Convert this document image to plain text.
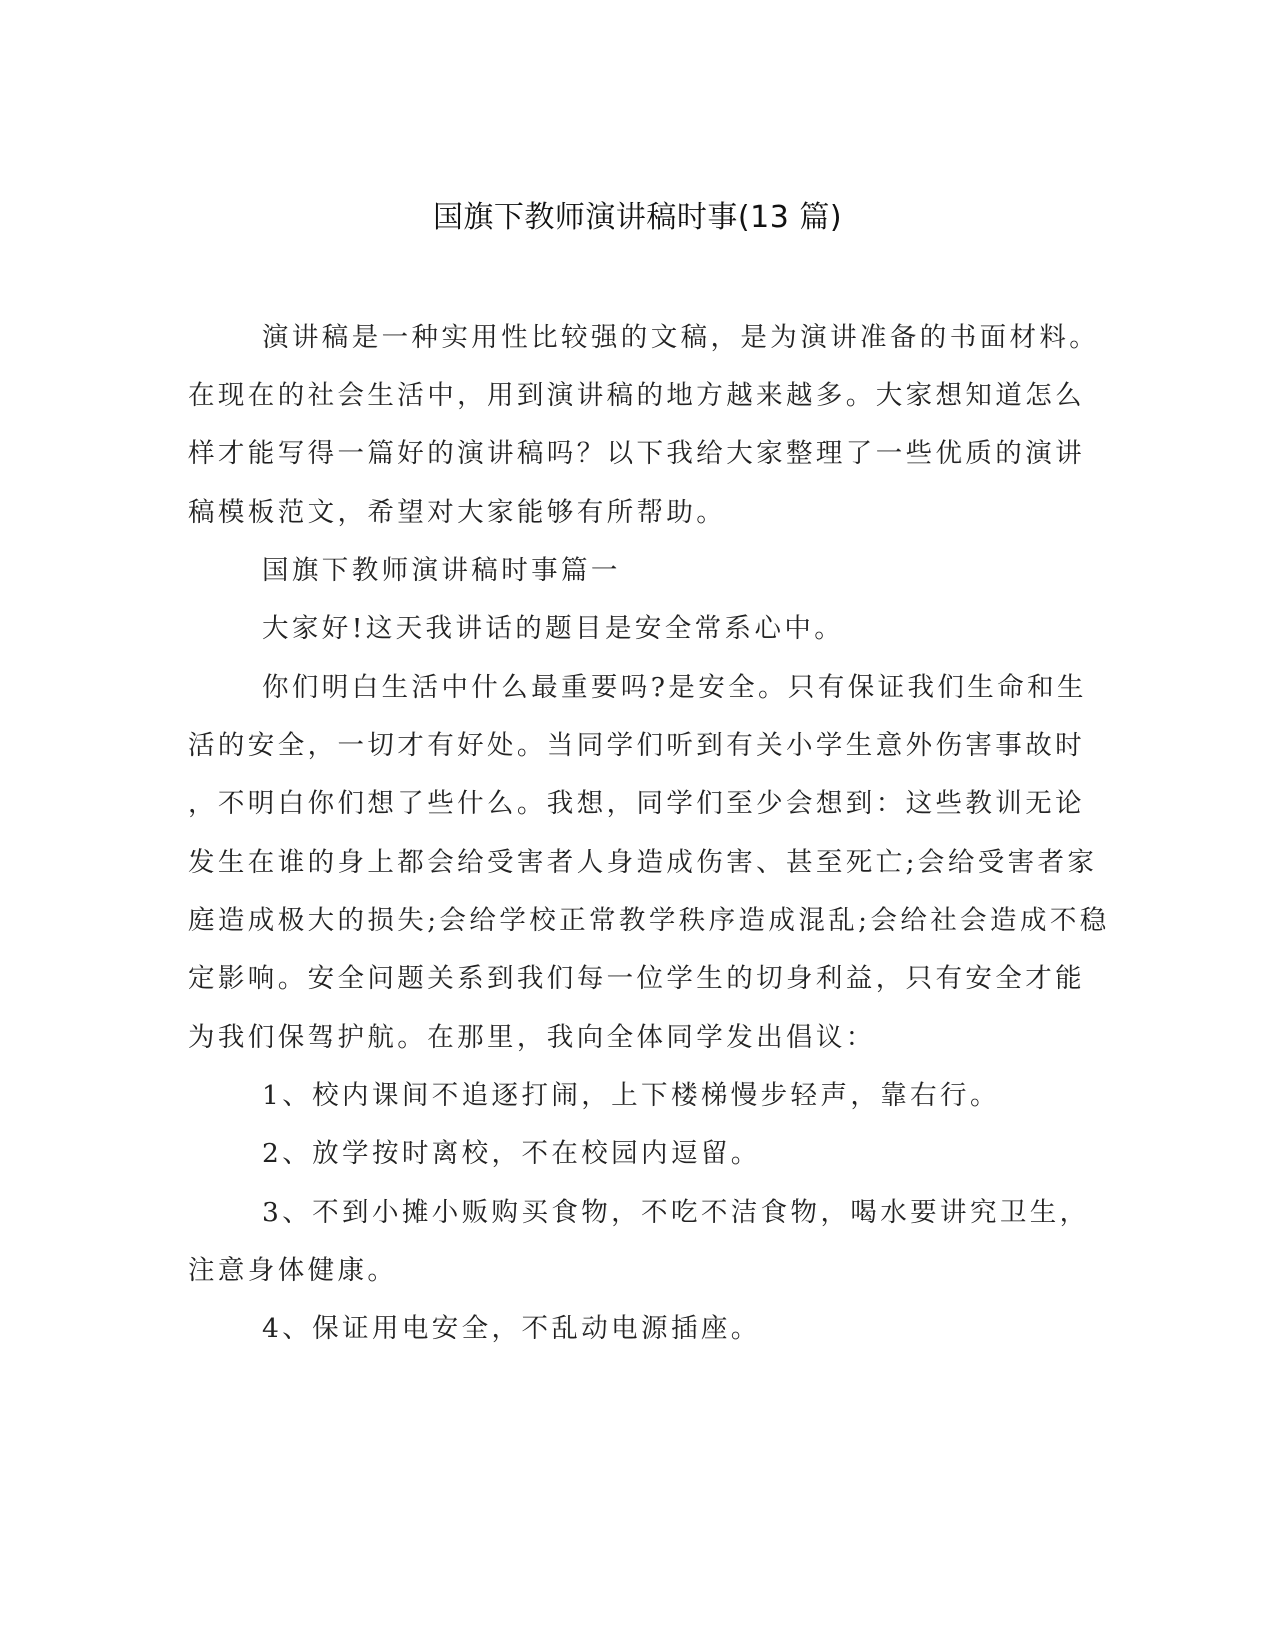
国旗下教师演讲稿时事(13 篇)
演讲稿是一种实用性比较强的文稿，是为演讲准备的书面材料。
在现在的社会生活中，用到演讲稿的地方越来越多。大家想知道怎么
样才能写得一篇好的演讲稿吗？以下我给大家整理了一些优质的演讲
稿模板范文，希望对大家能够有所帮助。
国旗下教师演讲稿时事篇一
大家好!这天我讲话的题目是安全常系心中。
你们明白生活中什么最重要吗?是安全。只有保证我们生命和生
活的安全，一切才有好处。当同学们听到有关小学生意外伤害事故时
，不明白你们想了些什么。我想，同学们至少会想到：这些教训无论
发生在谁的身上都会给受害者人身造成伤害、甚至死亡;会给受害者家
庭造成极大的损失;会给学校正常教学秩序造成混乱;会给社会造成不稳
定影响。安全问题关系到我们每一位学生的切身利益，只有安全才能
为我们保驾护航。在那里，我向全体同学发出倡议：
1、校内课间不追逐打闹，上下楼梯慢步轻声，靠右行。
2、放学按时离校，不在校园内逗留。
3、不到小摊小贩购买食物，不吃不洁食物，喝水要讲究卫生，
注意身体健康。
4、保证用电安全，不乱动电源插座。
